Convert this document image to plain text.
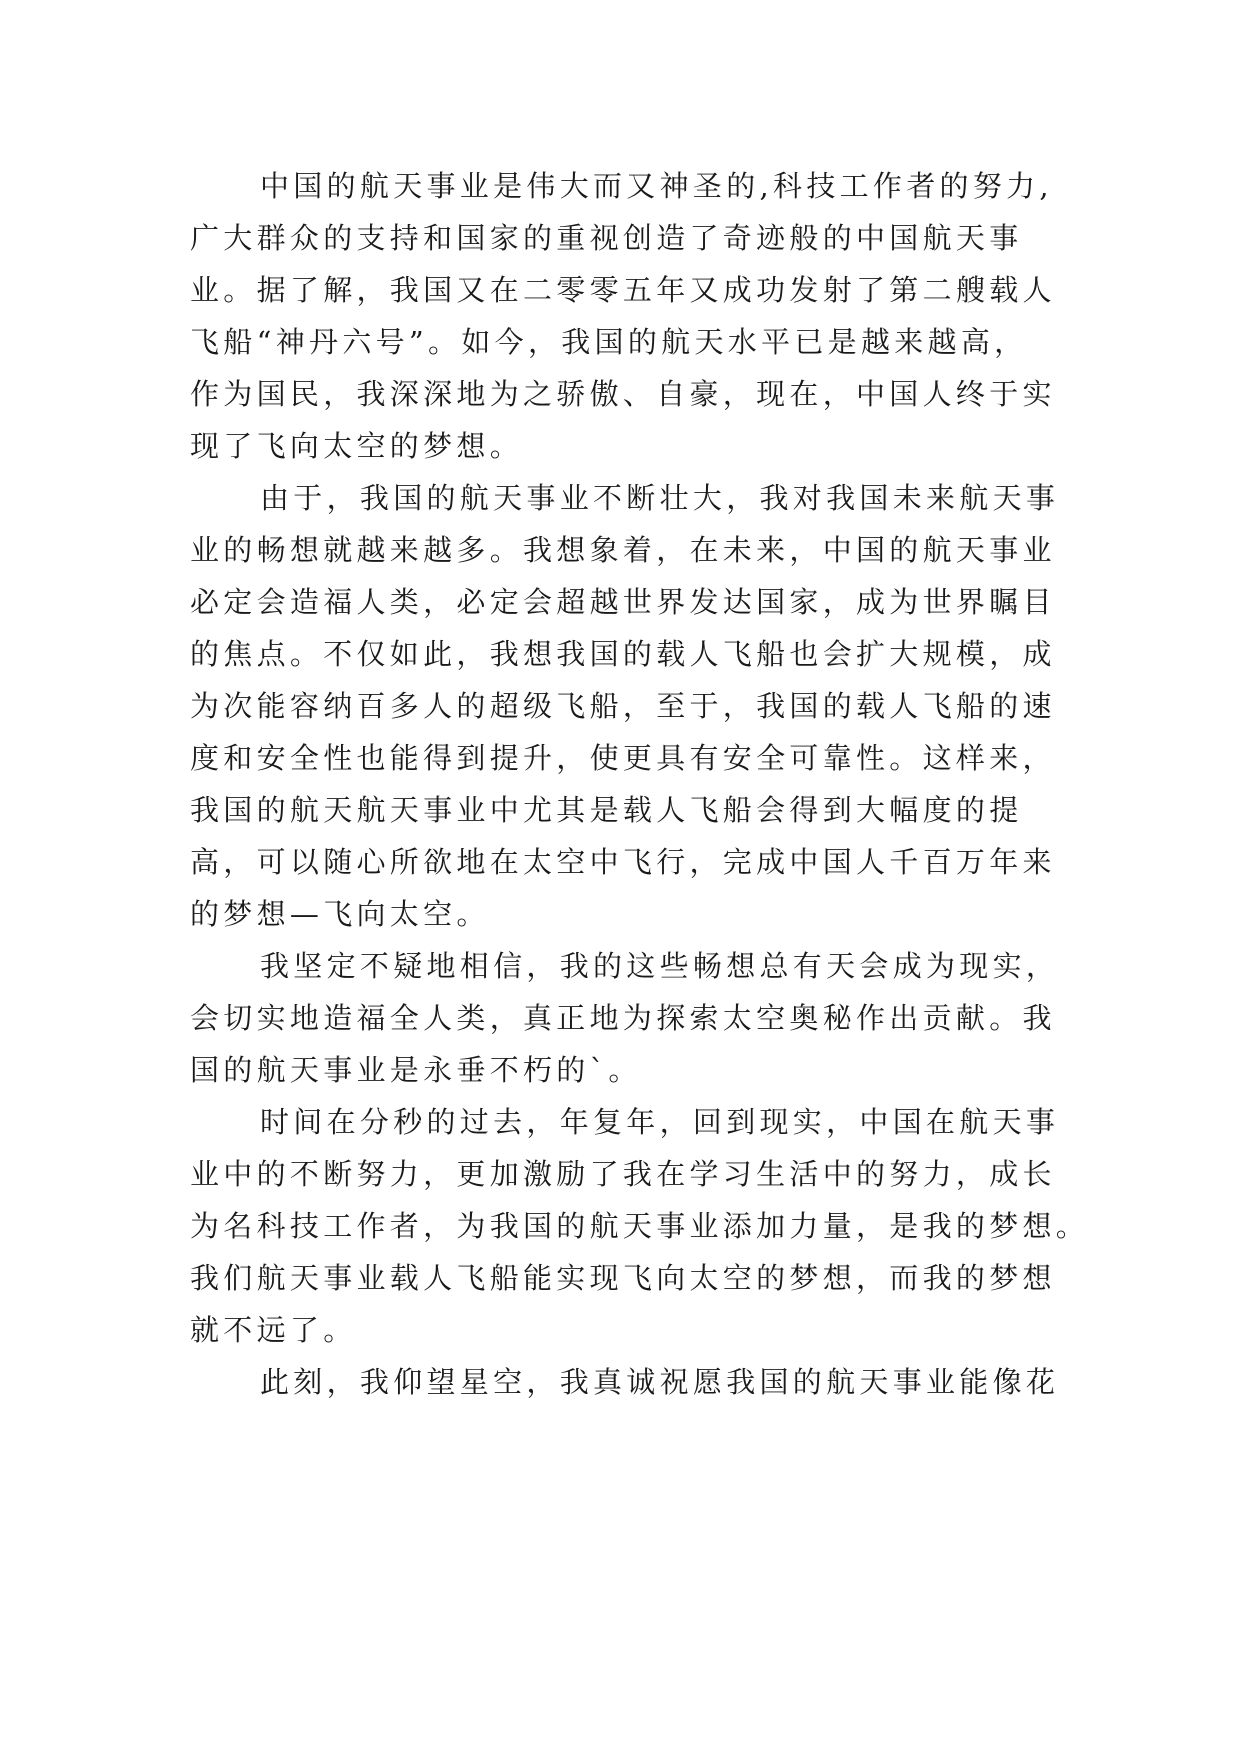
中国的航天事业是伟大而又神圣的,科技工作者的努力,
广大群众的支持和国家的重视创造了奇迹般的中国航天事
业。据了解，我国又在二零零五年又成功发射了第二艘载人
飞船“神丹六号”。如今，我国的航天水平已是越来越高，
作为国民，我深深地为之骄傲、自豪，现在，中国人终于实
现了飞向太空的梦想。
由于，我国的航天事业不断壮大，我对我国未来航天事
业的畅想就越来越多。我想象着，在未来，中国的航天事业
必定会造福人类，必定会超越世界发达国家，成为世界瞩目
的焦点。不仅如此，我想我国的载人飞船也会扩大规模，成
为次能容纳百多人的超级飞船，至于，我国的载人飞船的速
度和安全性也能得到提升，使更具有安全可靠性。这样来，
我国的航天航天事业中尤其是载人飞船会得到大幅度的提
高，可以随心所欲地在太空中飞行，完成中国人千百万年来
的梦想—飞向太空。
我坚定不疑地相信，我的这些畅想总有天会成为现实，
会切实地造福全人类，真正地为探索太空奥秘作出贡献。我
国的航天事业是永垂不朽的`。
时间在分秒的过去，年复年，回到现实，中国在航天事
业中的不断努力，更加激励了我在学习生活中的努力，成长
为名科技工作者，为我国的航天事业添加力量，是我的梦想。
我们航天事业载人飞船能实现飞向太空的梦想，而我的梦想
就不远了。
此刻，我仰望星空，我真诚祝愿我国的航天事业能像花
